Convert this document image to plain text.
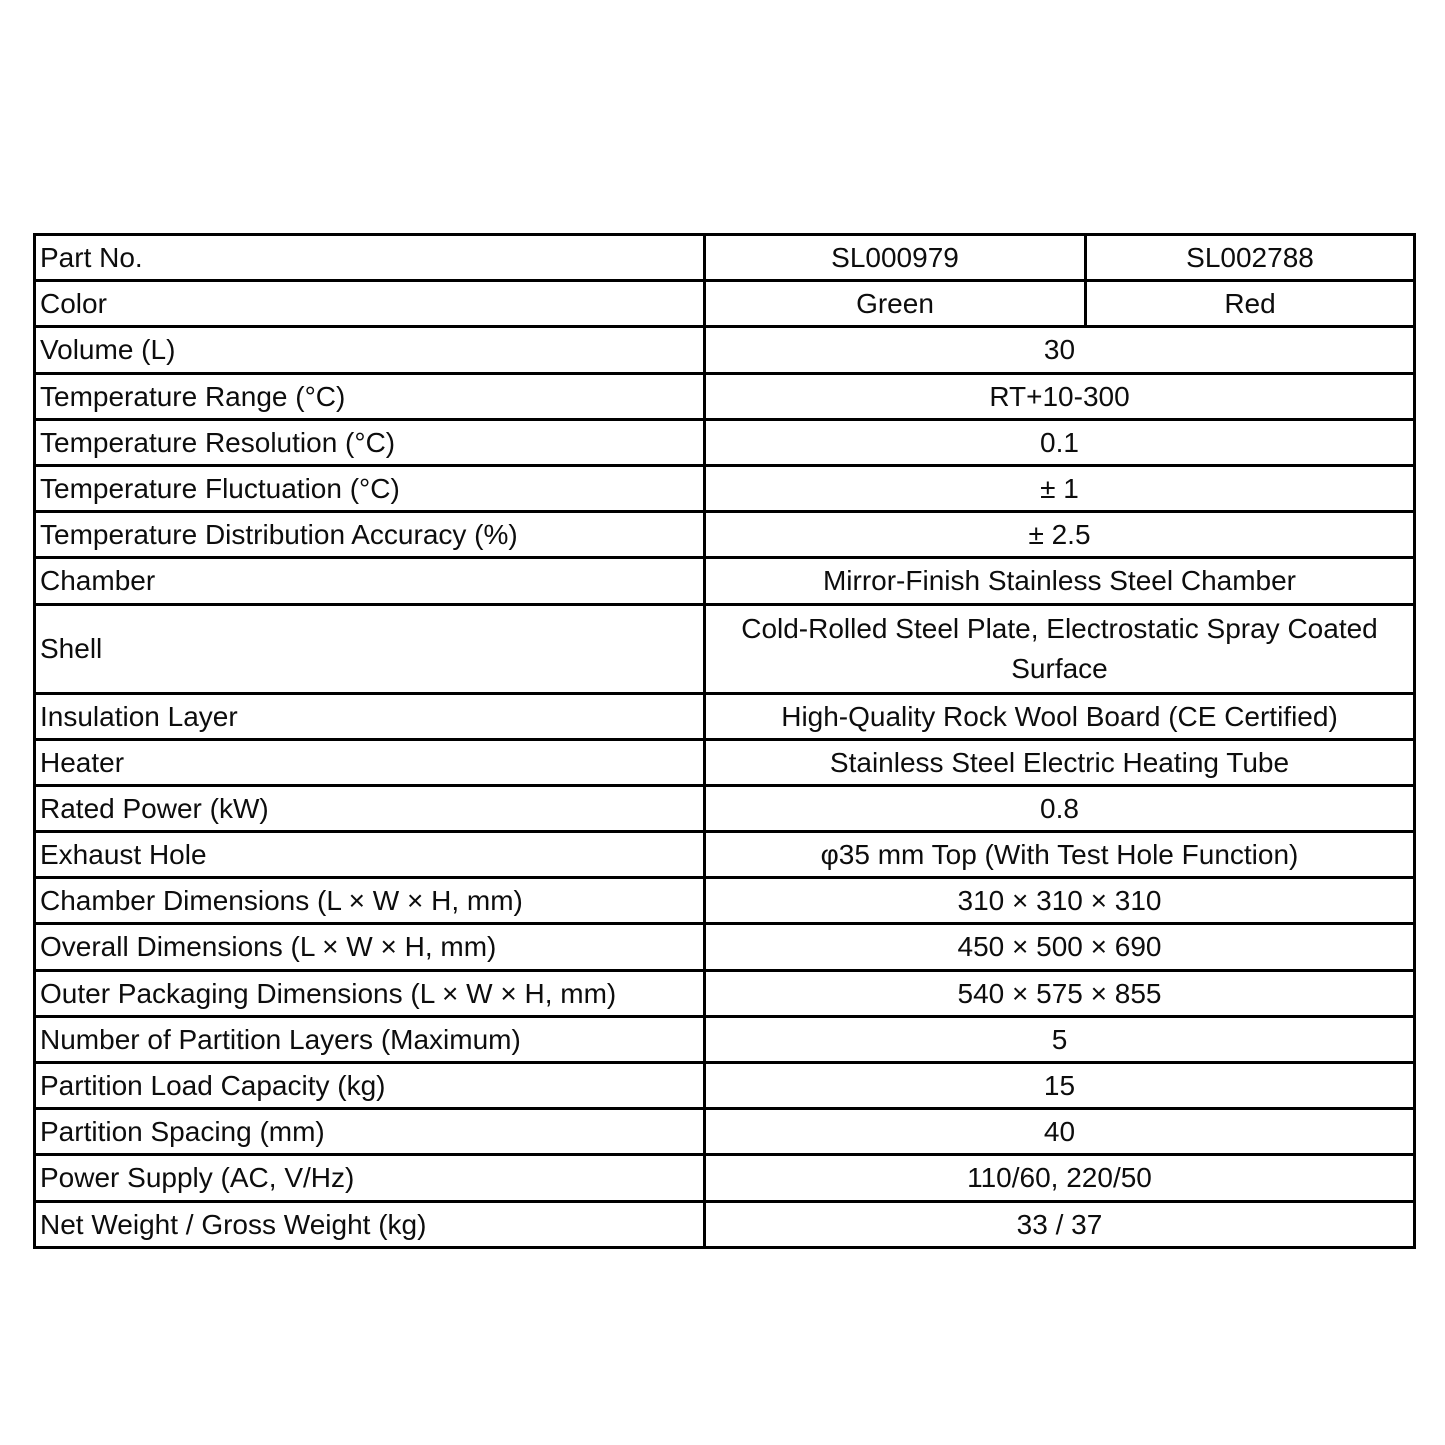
Part No.	SL000979	SL002788
Color	Green	Red
Volume (L)	30	
Temperature Range (°C)	RT+10-300	
Temperature Resolution (°C)	0.1	
Temperature Fluctuation (°C)	± 1	
Temperature Distribution Accuracy (%)	± 2.5	
Chamber	Mirror-Finish Stainless Steel Chamber	
Shell	Cold-Rolled Steel Plate, Electrostatic Spray Coated Surface	
Insulation Layer	High-Quality Rock Wool Board (CE Certified)	
Heater	Stainless Steel Electric Heating Tube	
Rated Power (kW)	0.8	
Exhaust Hole	φ35 mm Top (With Test Hole Function)	
Chamber Dimensions (L × W × H, mm)	310 × 310 × 310	
Overall Dimensions (L × W × H, mm)	450 × 500 × 690	
Outer Packaging Dimensions (L × W × H, mm)	540 × 575 × 855	
Number of Partition Layers (Maximum)	5	
Partition Load Capacity (kg)	15	
Partition Spacing (mm)	40	
Power Supply (AC, V/Hz)	110/60, 220/50	
Net Weight / Gross Weight (kg)	33 / 37	
